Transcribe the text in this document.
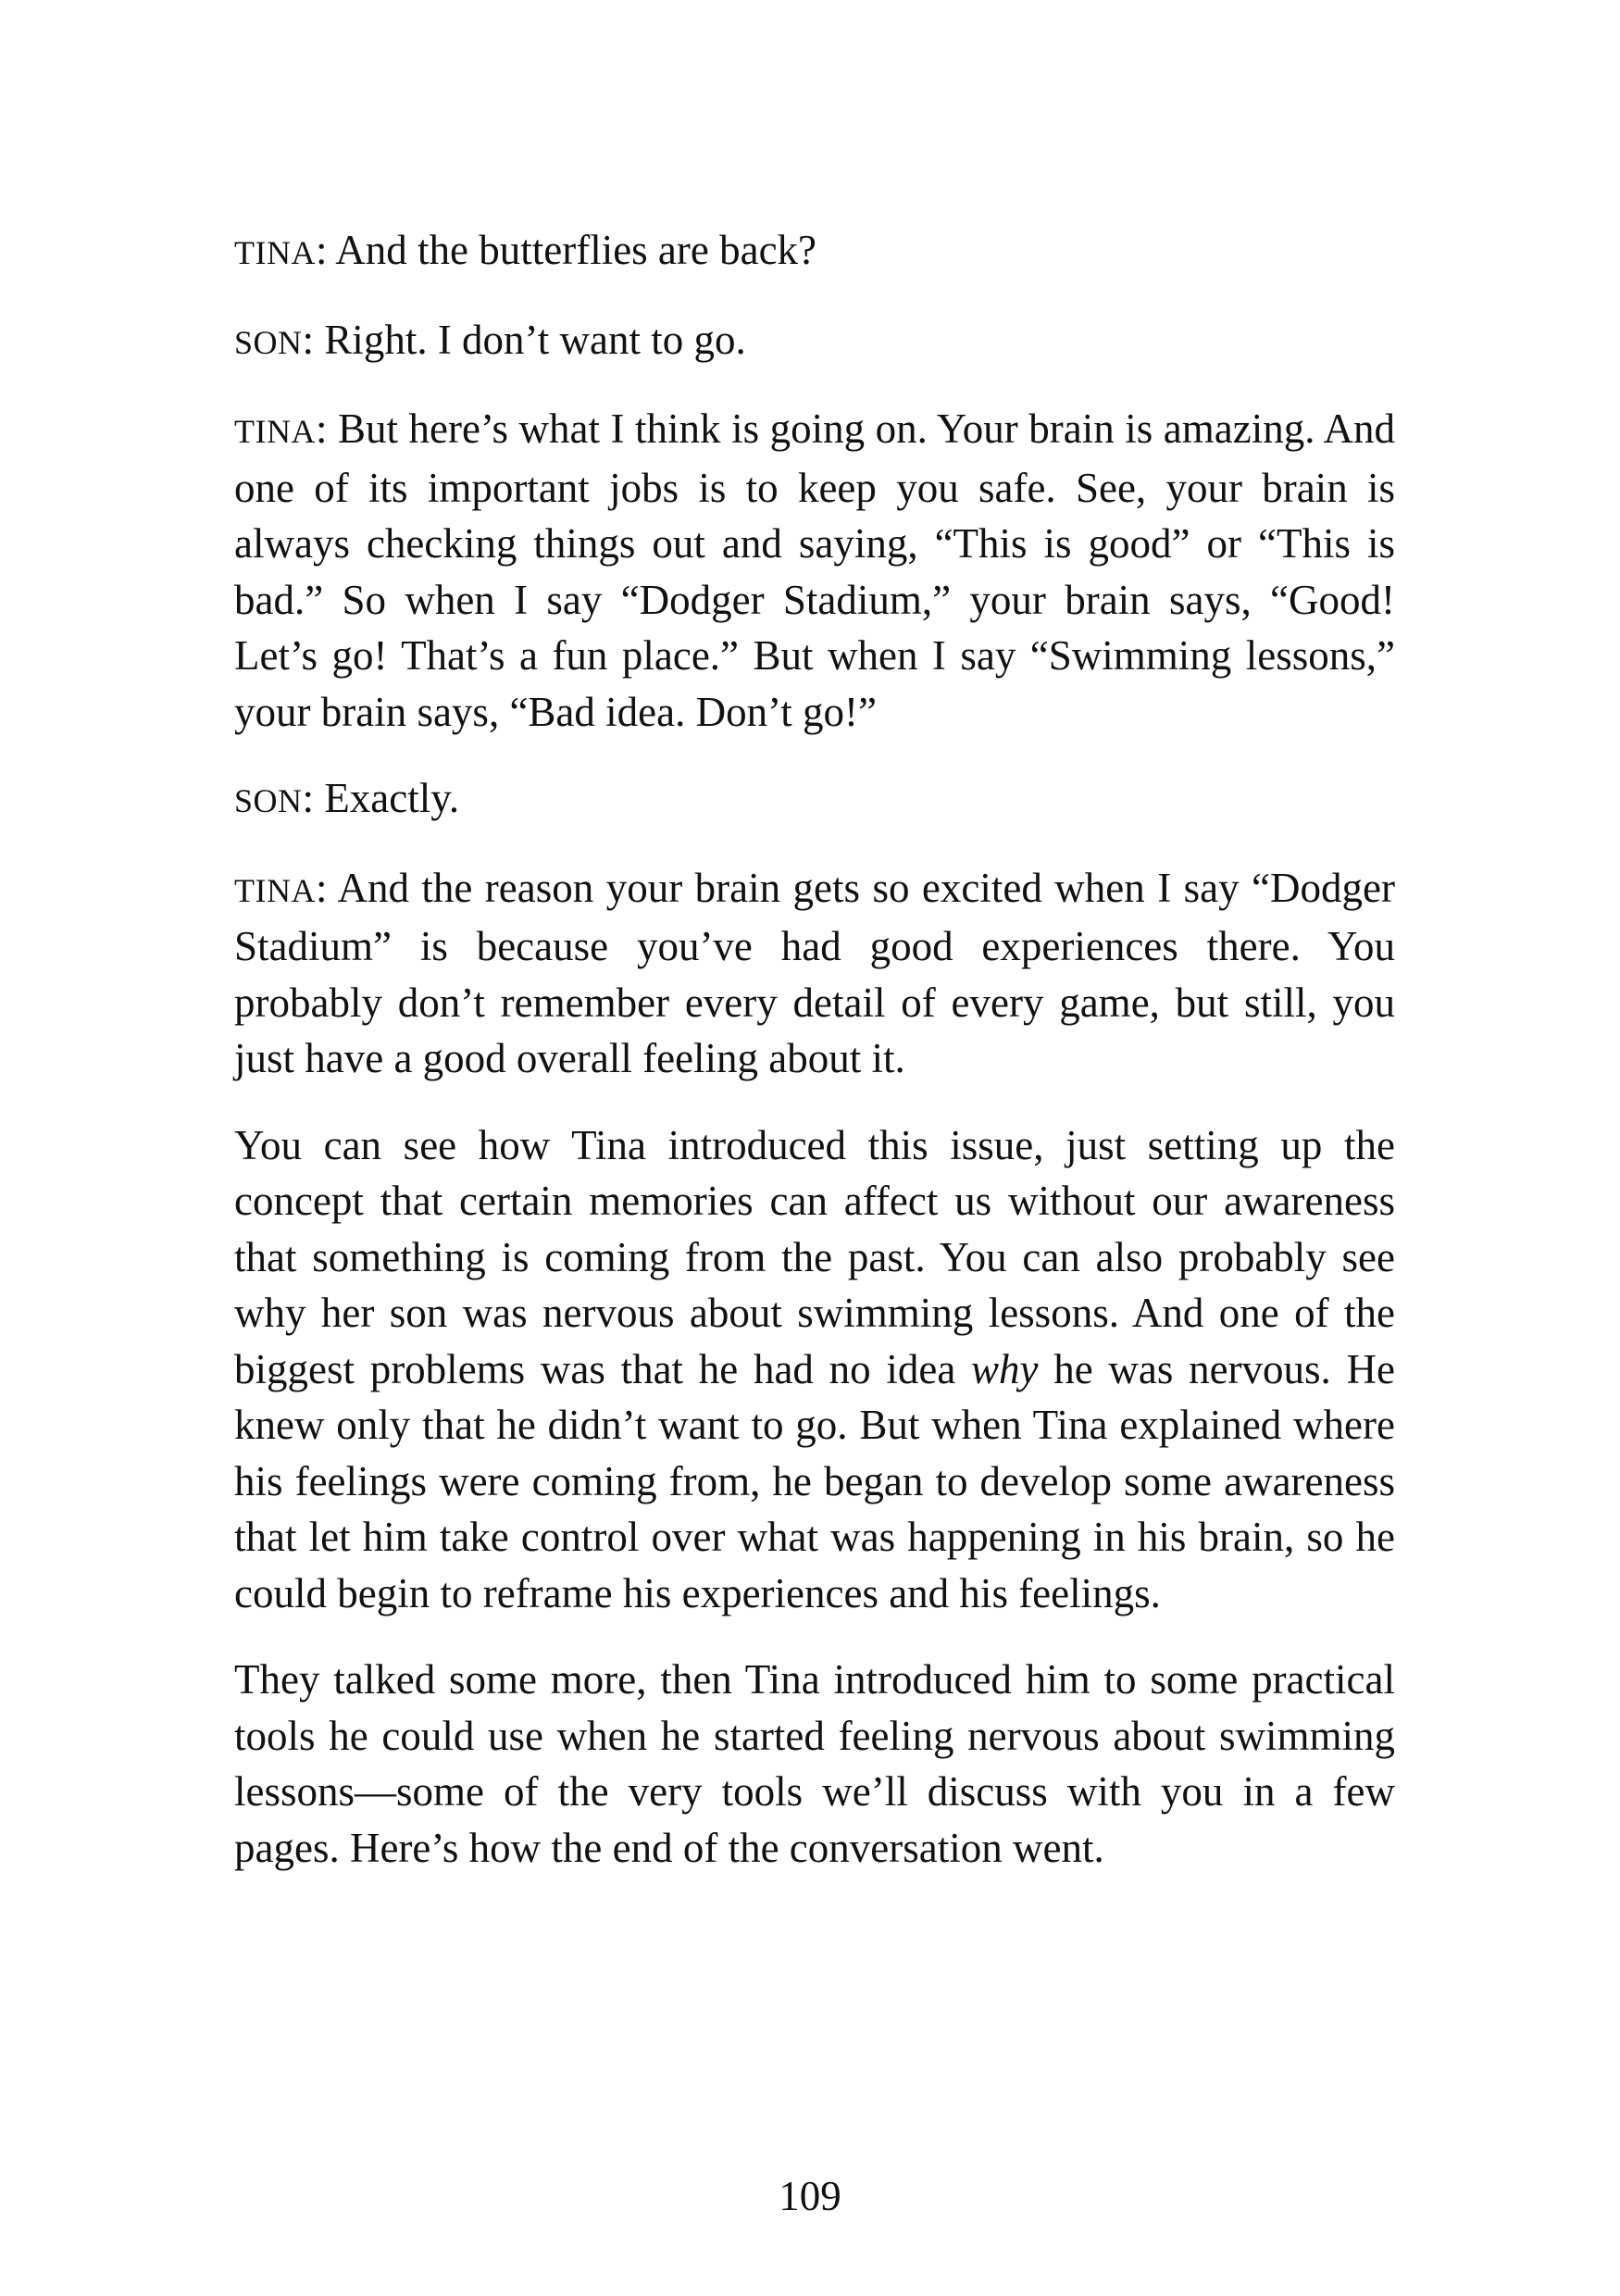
TINA: And the butterflies are back?

SON: Right. I don’t want to go.

TINA: But here’s what I think is going on. Your brain is amazing. And one of its important jobs is to keep you safe. See, your brain is always checking things out and saying, “This is good” or “This is bad.” So when I say “Dodger Stadium,” your brain says, “Good! Let’s go! That’s a fun place.” But when I say “Swimming lessons,” your brain says, “Bad idea. Don’t go!”

SON: Exactly.

TINA: And the reason your brain gets so excited when I say “Dodger Stadium” is because you’ve had good experiences there. You probably don’t remember every detail of every game, but still, you just have a good overall feeling about it.

You can see how Tina introduced this issue, just setting up the concept that certain memories can affect us without our awareness that something is coming from the past. You can also probably see why her son was nervous about swimming lessons. And one of the biggest problems was that he had no idea why he was nervous. He knew only that he didn’t want to go. But when Tina explained where his feelings were coming from, he began to develop some awareness that let him take control over what was happening in his brain, so he could begin to reframe his experiences and his feelings.

They talked some more, then Tina introduced him to some practical tools he could use when he started feeling nervous about swimming lessons—some of the very tools we’ll discuss with you in a few pages. Here’s how the end of the conversation went.

109
